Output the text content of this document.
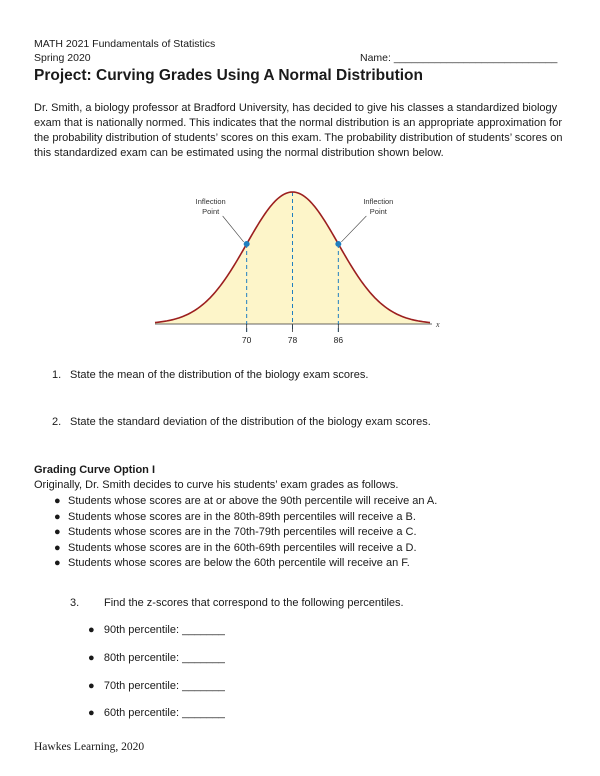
MATH 2021 Fundamentals of Statistics
Spring 2020	Name: ____________________________
Project: Curving Grades Using A Normal Distribution
Dr. Smith, a biology professor at Bradford University, has decided to give his classes a standardized biology exam that is nationally normed. This indicates that the normal distribution is an appropriate approximation for the probability distribution of students’ scores on this exam. The probability distribution of students’ scores on this standardized exam can be estimated using the normal distribution shown below.
70	78	86
x
Inflection
Point
Inflection
Point
1. State the mean of the distribution of the biology exam scores.
2. State the standard deviation of the distribution of the biology exam scores.
Grading Curve Option I
Originally, Dr. Smith decides to curve his students’ exam grades as follows.
● Students whose scores are at or above the 90th percentile will receive an A.
● Students whose scores are in the 80th-89th percentiles will receive a B.
● Students whose scores are in the 70th-79th percentiles will receive a C.
● Students whose scores are in the 60th-69th percentiles will receive a D.
● Students whose scores are below the 60th percentile will receive an F.
3. Find the z-scores that correspond to the following percentiles.
● 90th percentile: _______
● 80th percentile: _______
● 70th percentile: _______
● 60th percentile: _______
Hawkes Learning, 2020
